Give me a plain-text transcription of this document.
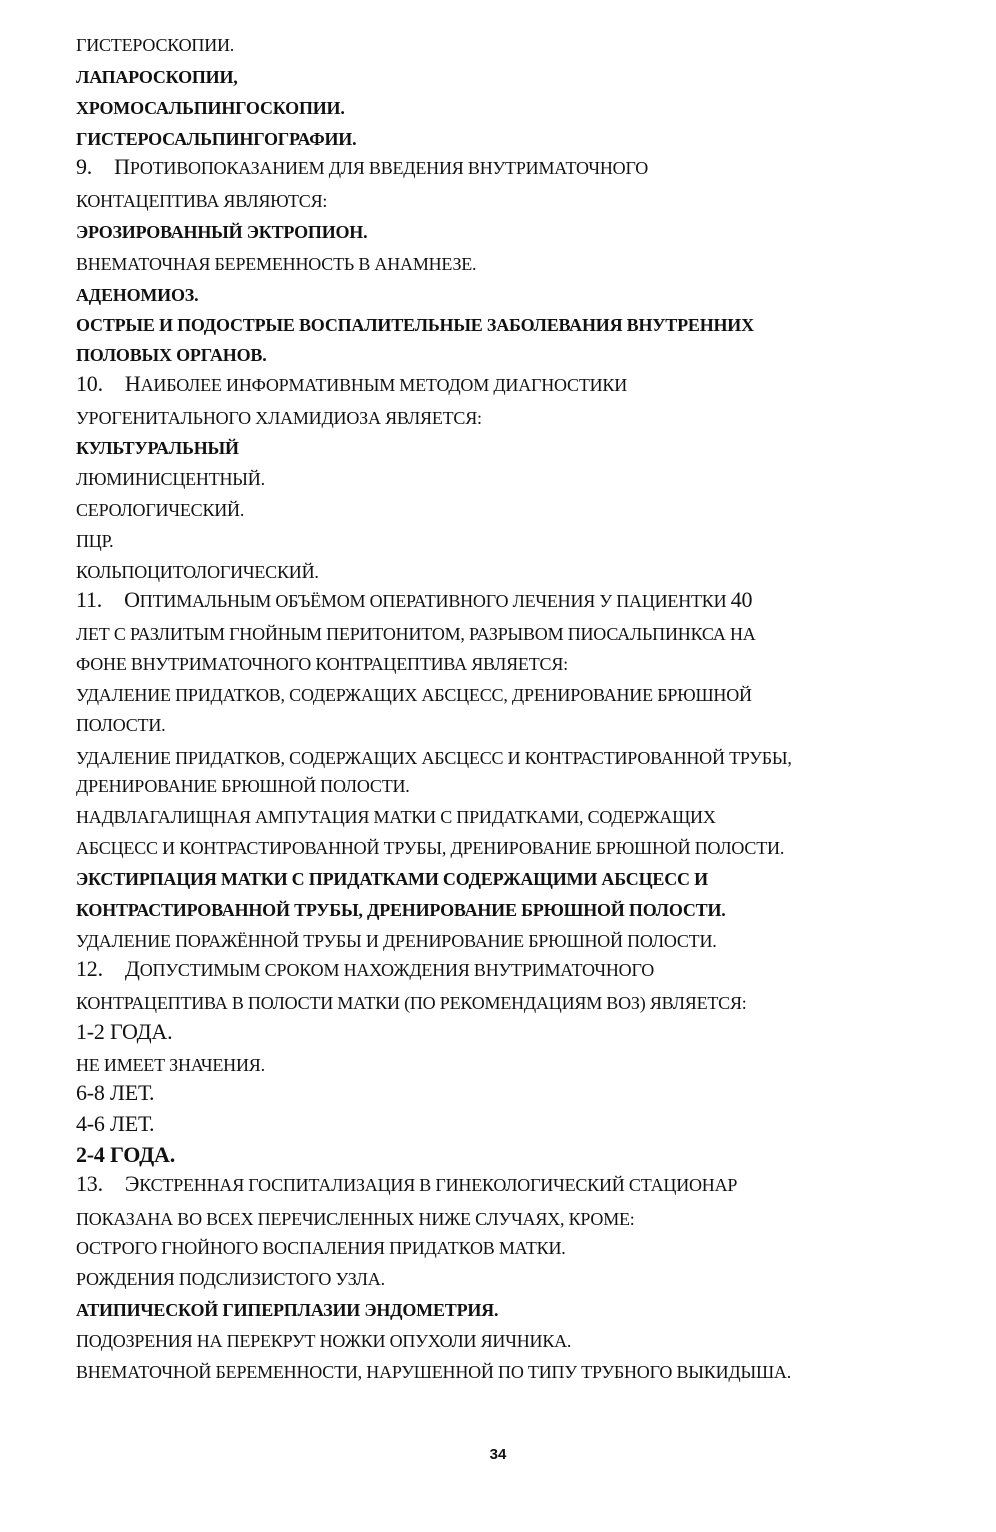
ГИСТЕРОСКОПИИ.

ЛАПАРОСКОПИИ,

ХРОМОСАЛЬПИНГОСКОПИИ.

ГИСТЕРОСАЛЬПИНГОГРАФИИ.

9. ПРОТИВОПОКАЗАНИЕМ ДЛЯ ВВЕДЕНИЯ ВНУТРИМАТОЧНОГО

КОНТАЦЕПТИВА ЯВЛЯЮТСЯ:

ЭРОЗИРОВАННЫЙ ЭКТРОПИОН.

ВНЕМАТОЧНАЯ БЕРЕМЕННОСТЬ В АНАМНЕЗЕ.

АДЕНОМИОЗ.

ОСТРЫЕ И ПОДОСТРЫЕ ВОСПАЛИТЕЛЬНЫЕ ЗАБОЛЕВАНИЯ ВНУТРЕННИХ

ПОЛОВЫХ ОРГАНОВ.

10. НАИБОЛЕЕ ИНФОРМАТИВНЫМ МЕТОДОМ ДИАГНОСТИКИ

УРОГЕНИТАЛЬНОГО ХЛАМИДИОЗА ЯВЛЯЕТСЯ:

КУЛЬТУРАЛЬНЫЙ

ЛЮМИНИСЦЕНТНЫЙ.

СЕРОЛОГИЧЕСКИЙ.

ПЦР.

КОЛЬПОЦИТОЛОГИЧЕСКИЙ.

11. ОПТИМАЛЬНЫМ ОБЪЁМОМ ОПЕРАТИВНОГО ЛЕЧЕНИЯ У ПАЦИЕНТКИ 40

ЛЕТ С РАЗЛИТЫМ ГНОЙНЫМ ПЕРИТОНИТОМ, РАЗРЫВОМ ПИОСАЛЬПИНКСА НА

ФОНЕ ВНУТРИМАТОЧНОГО КОНТРАЦЕПТИВА ЯВЛЯЕТСЯ:

УДАЛЕНИЕ ПРИДАТКОВ, СОДЕРЖАЩИХ АБСЦЕСС, ДРЕНИРОВАНИЕ БРЮШНОЙ

ПОЛОСТИ.

УДАЛЕНИЕ ПРИДАТКОВ, СОДЕРЖАЩИХ АБСЦЕСС И КОНТРАСТИРОВАННОЙ ТРУБЫ,

ДРЕНИРОВАНИЕ БРЮШНОЙ ПОЛОСТИ.

НАДВЛАГАЛИЩНАЯ АМПУТАЦИЯ МАТКИ С ПРИДАТКАМИ, СОДЕРЖАЩИХ

АБСЦЕСС И КОНТРАСТИРОВАННОЙ ТРУБЫ, ДРЕНИРОВАНИЕ БРЮШНОЙ ПОЛОСТИ.

ЭКСТИРПАЦИЯ МАТКИ С ПРИДАТКАМИ СОДЕРЖАЩИМИ АБСЦЕСС И

КОНТРАСТИРОВАННОЙ ТРУБЫ, ДРЕНИРОВАНИЕ БРЮШНОЙ ПОЛОСТИ.

УДАЛЕНИЕ ПОРАЖЁННОЙ ТРУБЫ И ДРЕНИРОВАНИЕ БРЮШНОЙ ПОЛОСТИ.

12. ДОПУСТИМЫМ СРОКОМ НАХОЖДЕНИЯ ВНУТРИМАТОЧНОГО

КОНТРАЦЕПТИВА В ПОЛОСТИ МАТКИ (ПО РЕКОМЕНДАЦИЯМ ВОЗ) ЯВЛЯЕТСЯ:

1-2 ГОДА.

НЕ ИМЕЕТ ЗНАЧЕНИЯ.

6-8 ЛЕТ.

4-6 ЛЕТ.

2-4 ГОДА.

13. ЭКСТРЕННАЯ ГОСПИТАЛИЗАЦИЯ В ГИНЕКОЛОГИЧЕСКИЙ СТАЦИОНАР

ПОКАЗАНА ВО ВСЕХ ПЕРЕЧИСЛЕННЫХ НИЖЕ СЛУЧАЯХ, КРОМЕ:

ОСТРОГО ГНОЙНОГО ВОСПАЛЕНИЯ ПРИДАТКОВ МАТКИ.

РОЖДЕНИЯ ПОДСЛИЗИСТОГО УЗЛА.

АТИПИЧЕСКОЙ ГИПЕРПЛАЗИИ ЭНДОМЕТРИЯ.

ПОДОЗРЕНИЯ НА ПЕРЕКРУТ НОЖКИ ОПУХОЛИ ЯИЧНИКА.

ВНЕМАТОЧНОЙ БЕРЕМЕННОСТИ, НАРУШЕННОЙ ПО ТИПУ ТРУБНОГО ВЫКИДЫША.

34
